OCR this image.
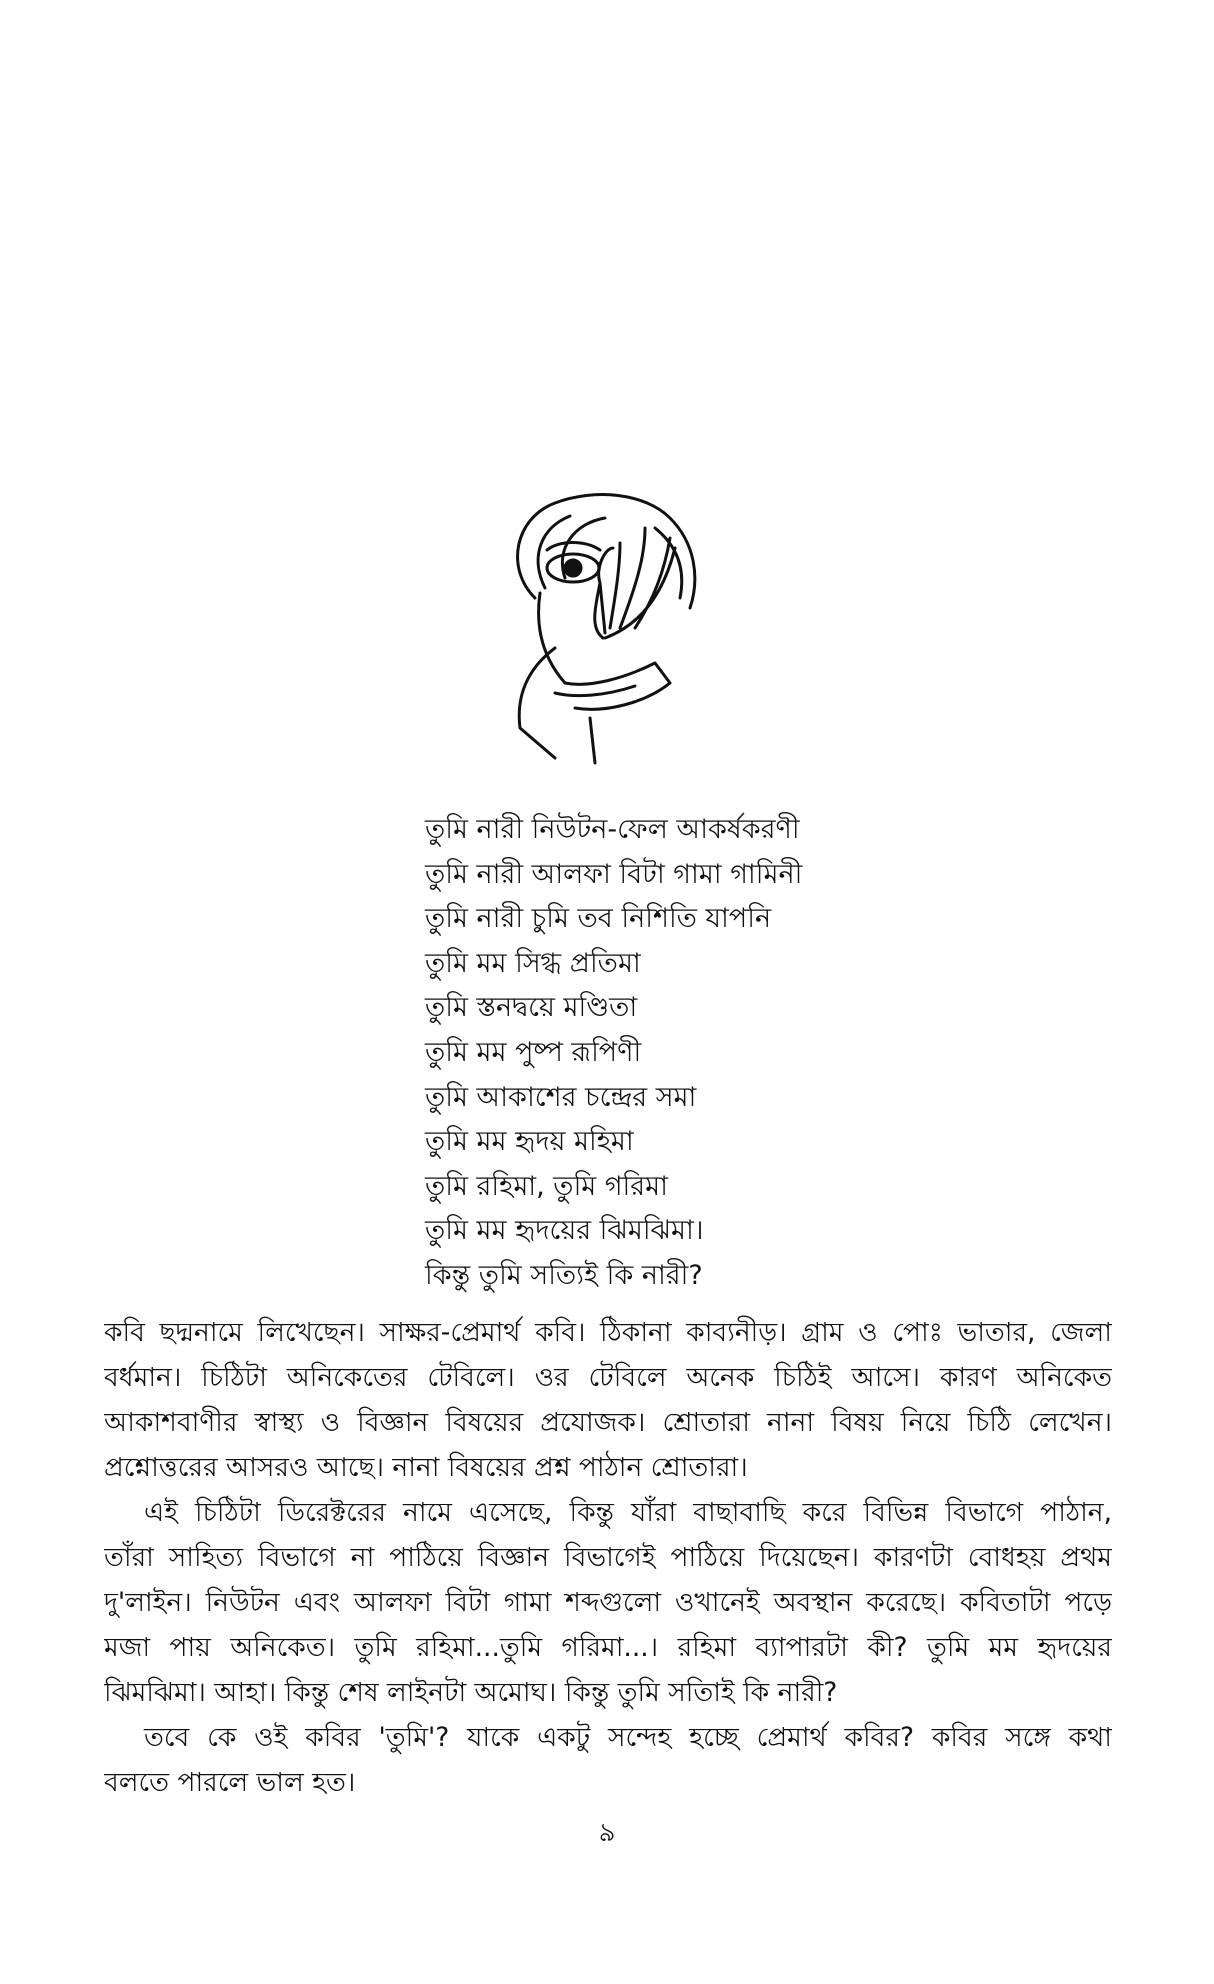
তুমি নারী নিউটন-ফেল আকর্ষকরণী
তুমি নারী আলফা বিটা গামা গামিনী
তুমি নারী চুমি তব নিশিতি যাপনি
তুমি মম সিগ্ধ প্রতিমা
তুমি স্তনদ্বয়ে মণ্ডিতা
তুমি মম পুষ্প রূপিণী
তুমি আকাশের চন্দ্রের সমা
তুমি মম হৃদয় মহিমা
তুমি রহিমা, তুমি গরিমা
তুমি মম হৃদয়ের ঝিমঝিমা।
কিন্তু তুমি সত্যিই কি নারী?
কবি ছদ্মনামে লিখেছেন। সাক্ষর-প্রেমার্থ কবি। ঠিকানা কাব্যনীড়। গ্রাম ও পোঃ ভাতার, জেলা
বর্ধমান। চিঠিটা অনিকেতের টেবিলে। ওর টেবিলে অনেক চিঠিই আসে। কারণ অনিকেত
আকাশবাণীর স্বাস্থ্য ও বিজ্ঞান বিষয়ের প্রযোজক। শ্রোতারা নানা বিষয় নিয়ে চিঠি লেখেন।
প্রশ্নোত্তরের আসরও আছে। নানা বিষয়ের প্রশ্ন পাঠান শ্রোতারা।
এই চিঠিটা ডিরেক্টরের নামে এসেছে, কিন্তু যাঁরা বাছাবাছি করে বিভিন্ন বিভাগে পাঠান,
তাঁরা সাহিত্য বিভাগে না পাঠিয়ে বিজ্ঞান বিভাগেই পাঠিয়ে দিয়েছেন। কারণটা বোধহয় প্রথম
দু'লাইন। নিউটন এবং আলফা বিটা গামা শব্দগুলো ওখানেই অবস্থান করেছে। কবিতাটা পড়ে
মজা পায় অনিকেত। তুমি রহিমা...তুমি গরিমা...। রহিমা ব্যাপারটা কী? তুমি মম হৃদয়ের
ঝিমঝিমা। আহা। কিন্তু শেষ লাইনটা অমোঘ। কিন্তু তুমি সতিাই কি নারী?
তবে কে ওই কবির 'তুমি'? যাকে একটু সন্দেহ হচ্ছে প্রেমার্থ কবির? কবির সঙ্গে কথা
বলতে পারলে ভাল হত।
৯
